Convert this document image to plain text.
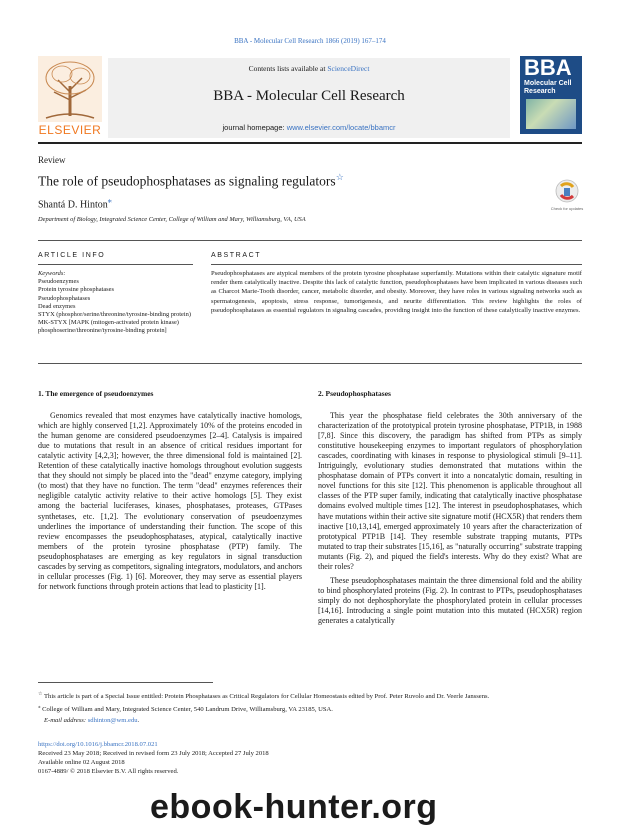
BBA - Molecular Cell Research 1866 (2019) 167–174
Contents lists available at ScienceDirect
BBA - Molecular Cell Research
journal homepage: www.elsevier.com/locate/bbamcr
ELSEVIER
BBA
Molecular Cell Research
Review
The role of pseudophosphatases as signaling regulators☆
Shantá D. Hinton⁎
Check for updates
Department of Biology, Integrated Science Center, College of William and Mary, Williamsburg, VA, USA
ARTICLE INFO	ABSTRACT
Keywords:
Pseudoenzymes
Protein tyrosine phosphatases
Pseudophosphatases
Dead enzymes
STYX (phosphor/serine/threonine/tyrosine-binding protein)
MK-STYX [MAPK (mitogen-activated protein kinase) phosphoserine/threonine/tyrosine-binding protein]
Pseudophosphatases are atypical members of the protein tyrosine phosphatase superfamily. Mutations within their catalytic signature motif render them catalytically inactive. Despite this lack of catalytic function, pseudophosphatases have been implicated in various diseases such as Charcot Marie-Tooth disorder, cancer, metabolic disorder, and obesity. Moreover, they have roles in various signaling networks such as spermatogenesis, apoptosis, stress response, tumorigenesis, and neurite differentiation. This review highlights the roles of pseudophosphatases as essential regulators in signaling cascades, providing insight into the function of these catalytically inactive enzymes.
1. The emergence of pseudoenzymes

Genomics revealed that most enzymes have catalytically inactive homologs, which are highly conserved [1,2]. Approximately 10% of the proteins encoded in the human genome are considered pseudoenzymes [2–4]. Catalysis is impaired due to mutations that result in an absence of critical residues important for catalytic activity [4,2,3]; however, the three dimensional fold is maintained [2]. Retention of these catalytically inactive homologs throughout evolution suggests that they should not simply be placed into the "dead" enzyme category, implying (to most) that they have no function. The term "dead" enzymes references their negligible catalytic activity relative to their active homologs [5]. They exist among the bacterial luciferases, kinases, phosphatases, proteases, GTPases synthetases, etc. [1,2]. The evolutionary conservation of pseudoenzymes underlines the importance of understanding their function. The scope of this review encompasses the pseudophosphatases, atypical, catalytically inactive members of the protein tyrosine phosphatase (PTP) family. The pseudophosphatases are emerging as key regulators in signal transduction cascades by serving as competitors, signaling integrators, modulators, and anchors in cellular processes (Fig. 1) [6]. Moreover, they may serve as essential players for network functions through protein actions that lead to plasticity [1].

2. Pseudophosphatases

This year the phosphatase field celebrates the 30th anniversary of the characterization of the prototypical protein tyrosine phosphatase, PTP1B, in 1988 [7,8]. Since this discovery, the paradigm has shifted from PTPs as simply constitutive housekeeping enzymes to important regulators of phosphorylation cascades, coordinating with kinases in response to physiological stimuli [9–11]. Intriguingly, evolutionary studies demonstrated that mutations within the phosphatase domain of PTPs convert it into a noncatalytic domain, resulting in novel functions for this site [12]. This phenomenon is applicable throughout all classes of the PTP super family, indicating that catalytically inactive phosphatase domains evolved multiple times [12]. The interest in pseudophosphatases, which have mutations within their active site signature motif (HCX5R) that renders them inactive [10,13,14], emerged approximately 10 years after the characterization of prototypical PTP1B [14]. They resemble substrate trapping mutants, PTPs mutated to trap their substrates [15,16], as "naturally occurring" substrate trapping mutants (Fig. 2), and piqued the field's interests. Why do they exist? What are their roles?

These pseudophosphatases maintain the three dimensional fold and the ability to bind phosphorylated proteins (Fig. 2). In contrast to PTPs, pseudophosphatases simply do not dephosphorylate the phosphorylated protein in cellular processes [14,16]. Introducing a single point mutation into this mutated (HCX5R) region generates a catalytically

☆ This article is part of a Special Issue entitled: Protein Phosphatases as Critical Regulators for Cellular Homeostasis edited by Prof. Peter Ruvolo and Dr. Veerle Janssens.

⁎ College of William and Mary, Integrated Science Center, 540 Landrum Drive, Williamsburg, VA 23185, USA.

E-mail address: sdhinton@wm.edu.

https://doi.org/10.1016/j.bbamcr.2018.07.021
Received 23 May 2018; Received in revised form 23 July 2018; Accepted 27 July 2018
Available online 02 August 2018
0167-4889/ © 2018 Elsevier B.V. All rights reserved.
ebook-hunter.org
